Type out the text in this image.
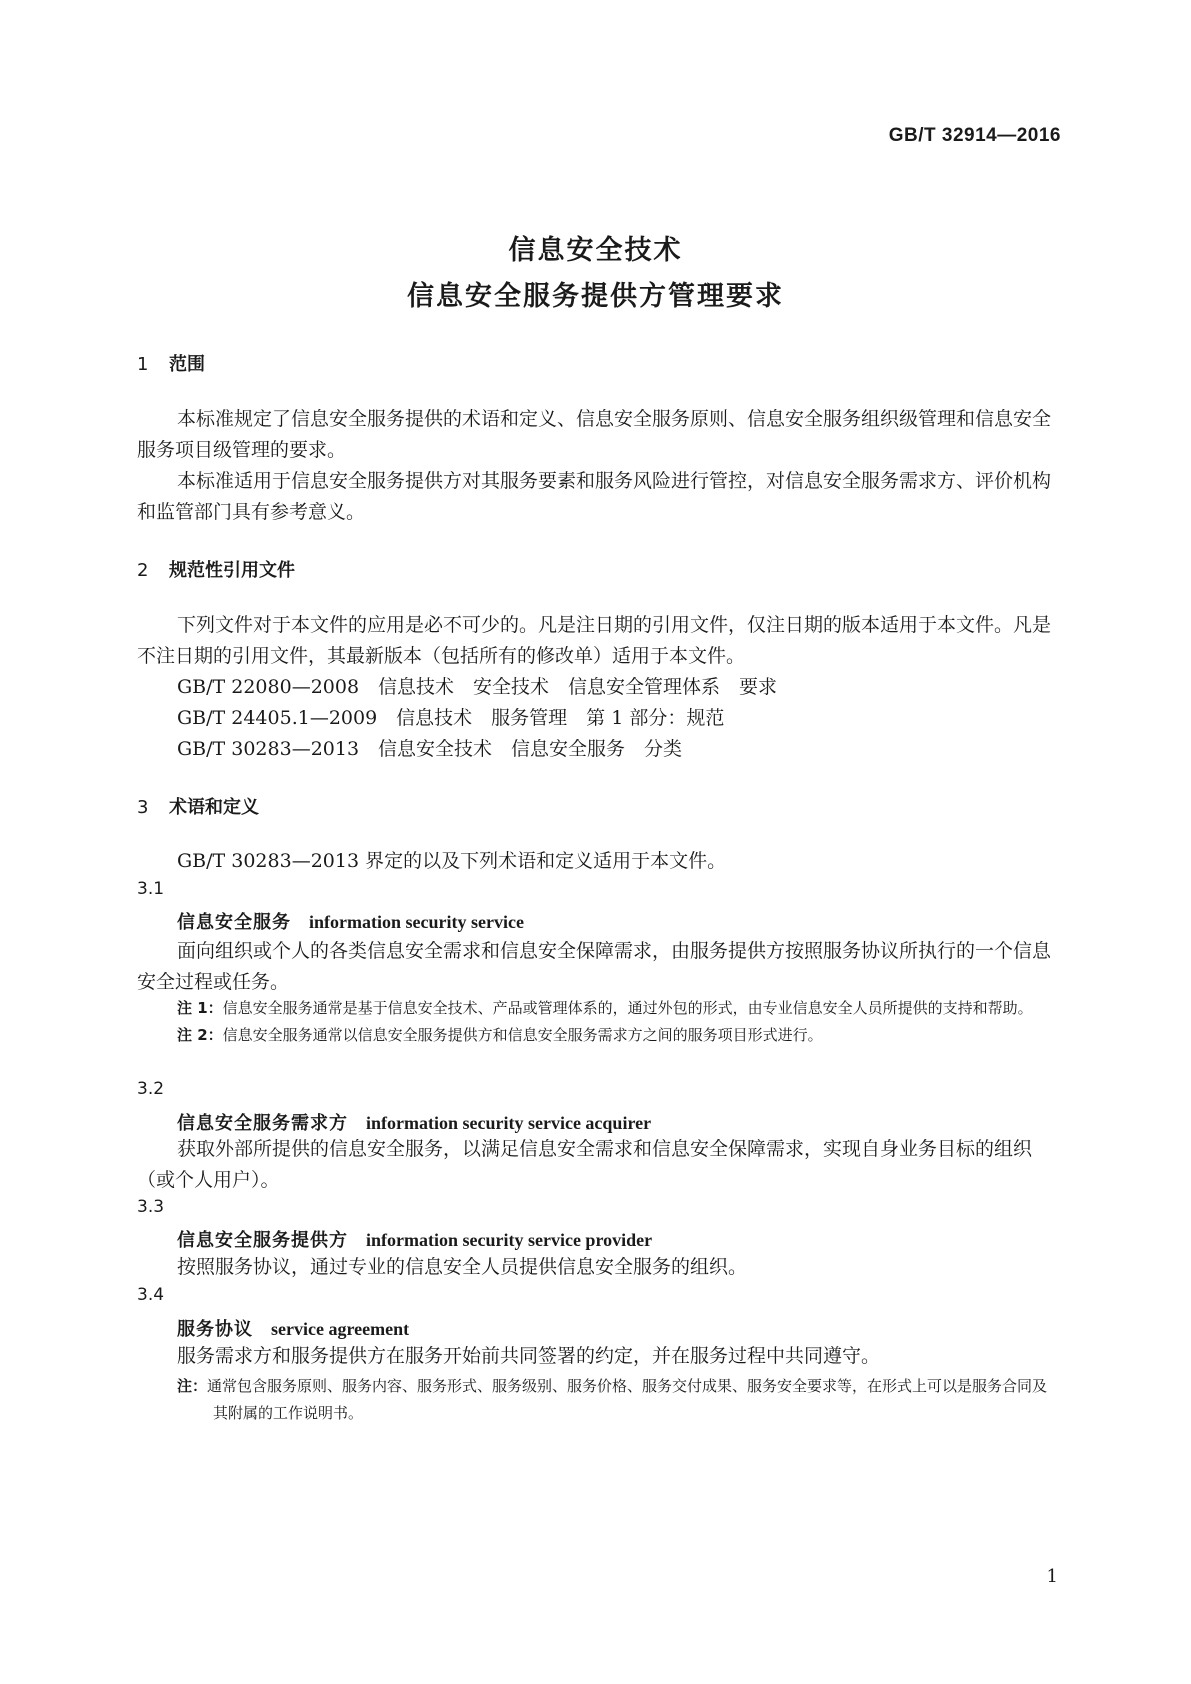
GB/T 32914—2016
信息安全技术
信息安全服务提供方管理要求
1 范围

本标准规定了信息安全服务提供的术语和定义、信息安全服务原则、信息安全服务组织级管理和信息安全服务项目级管理的要求。

本标准适用于信息安全服务提供方对其服务要素和服务风险进行管控，对信息安全服务需求方、评价机构和监管部门具有参考意义。

2 规范性引用文件

下列文件对于本文件的应用是必不可少的。凡是注日期的引用文件，仅注日期的版本适用于本文件。凡是不注日期的引用文件，其最新版本（包括所有的修改单）适用于本文件。

GB/T 22080—2008　信息技术　安全技术　信息安全管理体系　要求
GB/T 24405.1—2009　信息技术　服务管理　第 1 部分：规范
GB/T 30283—2013　信息安全技术　信息安全服务　分类
3 术语和定义
GB/T 30283—2013 界定的以及下列术语和定义适用于本文件。
3.1
信息安全服务 information security service

面向组织或个人的各类信息安全需求和信息安全保障需求，由服务提供方按照服务协议所执行的一个信息安全过程或任务。

注 1：信息安全服务通常是基于信息安全技术、产品或管理体系的，通过外包的形式，由专业信息安全人员所提供的支持和帮助。

注 2：信息安全服务通常以信息安全服务提供方和信息安全服务需求方之间的服务项目形式进行。

3.2
信息安全服务需求方 information security service acquirer

获取外部所提供的信息安全服务，以满足信息安全需求和信息安全保障需求，实现自身业务目标的组织（或个人用户）。

3.3
信息安全服务提供方 information security service provider

按照服务协议，通过专业的信息安全人员提供信息安全服务的组织。

3.4
服务协议 service agreement

服务需求方和服务提供方在服务开始前共同签署的约定，并在服务过程中共同遵守。

注：通常包含服务原则、服务内容、服务形式、服务级别、服务价格、服务交付成果、服务安全要求等，在形式上可以是服务合同及其附属的工作说明书。

1
